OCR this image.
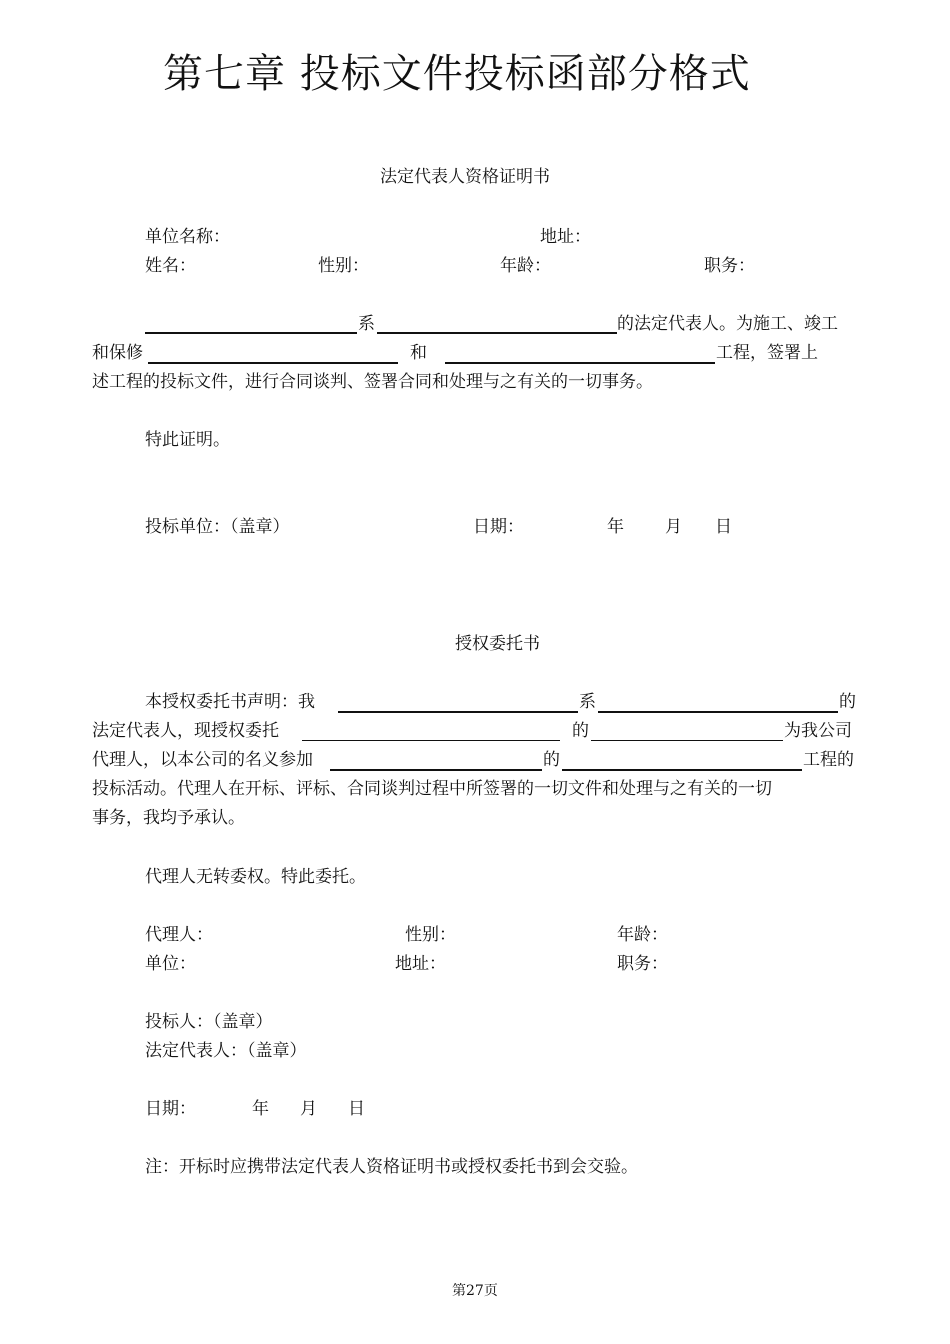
第七章 投标文件投标函部分格式
法定代表人资格证明书
单位名称：	地址：
姓名：	性别：	年龄：	职务：
系	的法定代表人。为施工、竣工
和保修	和	工程，签署上
述工程的投标文件，进行合同谈判、签署合同和处理与之有关的一切事务。
特此证明。
投标单位：（盖章）	日期：	年 月 日
授权委托书
本授权委托书声明：我	系	的
法定代表人，现授权委托	的	为我公司
代理人，以本公司的名义参加	的	工程的
投标活动。代理人在开标、评标、合同谈判过程中所签署的一切文件和处理与之有关的一切
事务，我均予承认。
代理人无转委权。特此委托。
代理人：	性别：	年龄：
单位：	地址：	职务：
投标人：（盖章）
法定代表人：（盖章）
日期：	年 月 日
注：开标时应携带法定代表人资格证明书或授权委托书到会交验。
第27页
